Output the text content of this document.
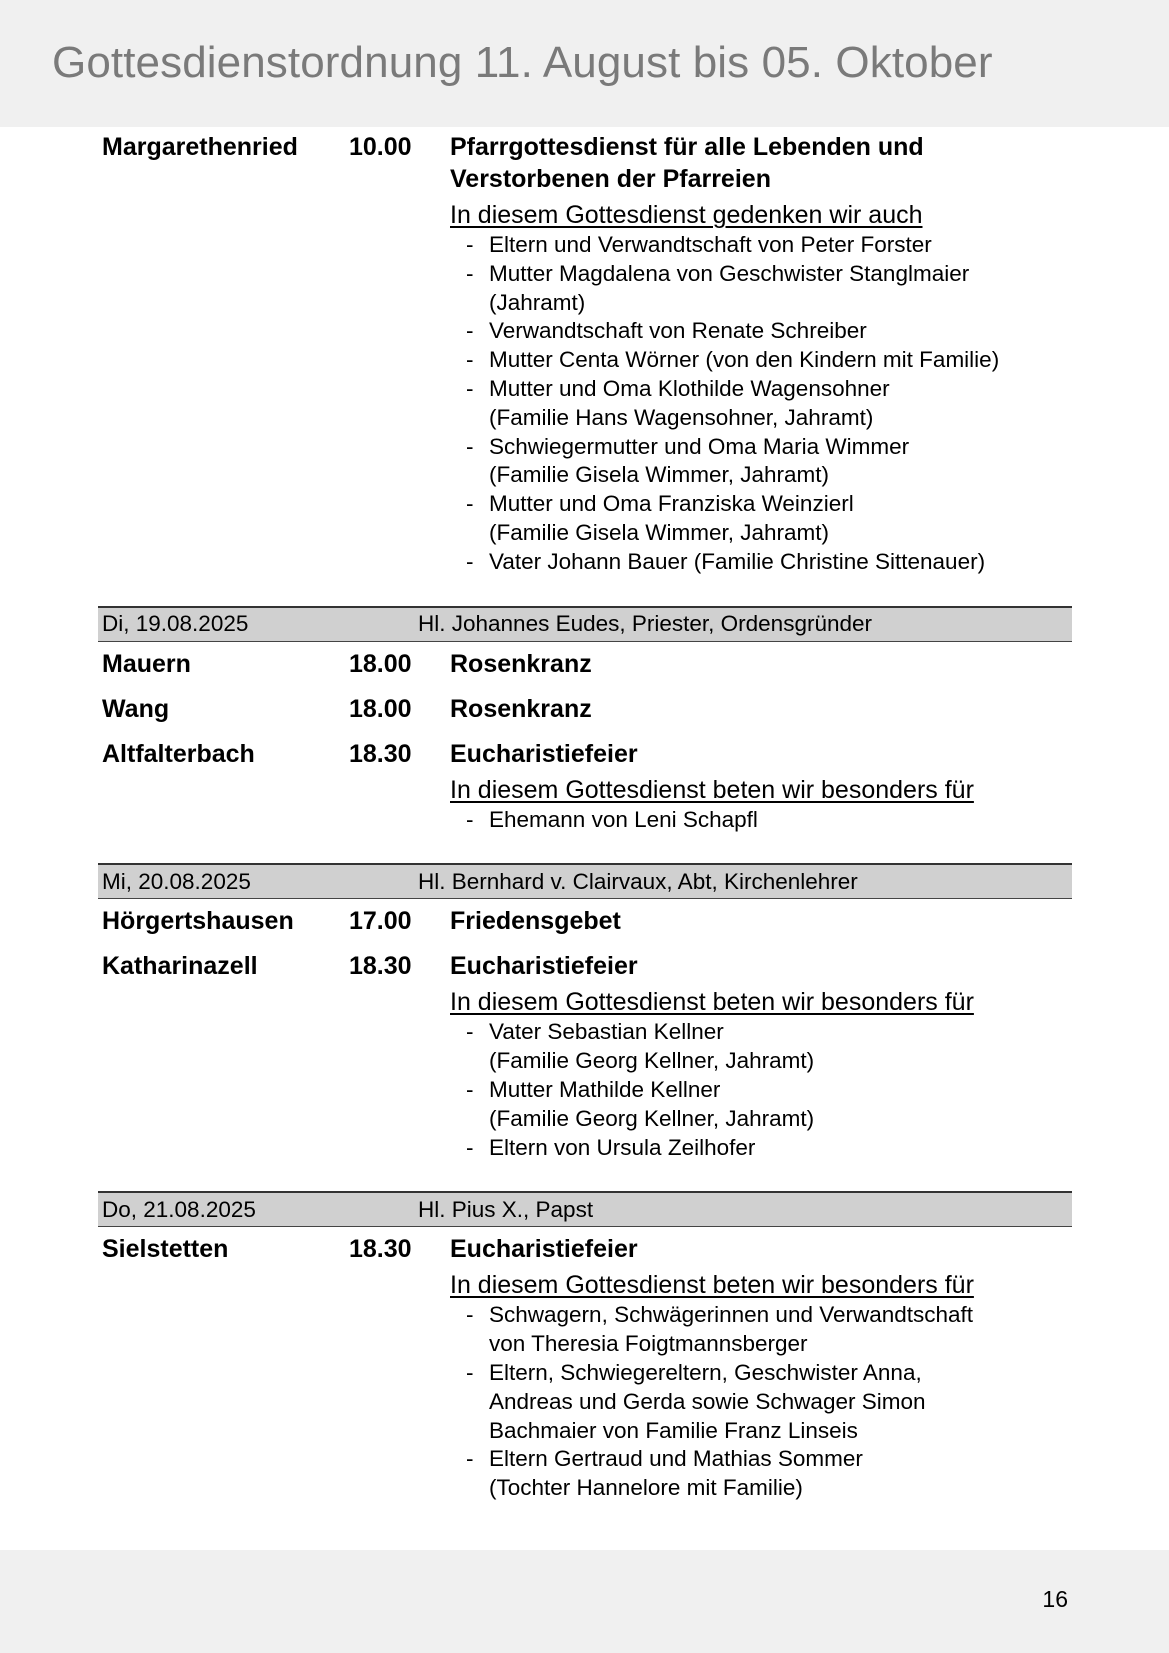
Gottesdienstordnung 11. August bis 05. Oktober
Margarethenried	10.00	Pfarrgottesdienst für alle Lebenden und
Verstorbenen der Pfarreien
In diesem Gottesdienst gedenken wir auch
- Eltern und Verwandtschaft von Peter Forster
- Mutter Magdalena von Geschwister Stanglmaier
(Jahramt)
- Verwandtschaft von Renate Schreiber
- Mutter Centa Wörner (von den Kindern mit Familie)
- Mutter und Oma Klothilde Wagensohner
(Familie Hans Wagensohner, Jahramt)
- Schwiegermutter und Oma Maria Wimmer
(Familie Gisela Wimmer, Jahramt)
- Mutter und Oma Franziska Weinzierl
(Familie Gisela Wimmer, Jahramt)
- Vater Johann Bauer (Familie Christine Sittenauer)
Di, 19.08.2025	Hl. Johannes Eudes, Priester, Ordensgründer
Mauern	18.00	Rosenkranz
Wang	18.00	Rosenkranz
Altfalterbach	18.30	Eucharistiefeier
In diesem Gottesdienst beten wir besonders für
- Ehemann von Leni Schapfl
Mi, 20.08.2025	Hl. Bernhard v. Clairvaux, Abt, Kirchenlehrer
Hörgertshausen	17.00	Friedensgebet
Katharinazell	18.30	Eucharistiefeier
In diesem Gottesdienst beten wir besonders für
- Vater Sebastian Kellner
(Familie Georg Kellner, Jahramt)
- Mutter Mathilde Kellner
(Familie Georg Kellner, Jahramt)
- Eltern von Ursula Zeilhofer
Do, 21.08.2025	Hl. Pius X., Papst
Sielstetten	18.30	Eucharistiefeier
In diesem Gottesdienst beten wir besonders für
- Schwagern, Schwägerinnen und Verwandtschaft
von Theresia Foigtmannsberger
- Eltern, Schwiegereltern, Geschwister Anna,
Andreas und Gerda sowie Schwager Simon
Bachmaier von Familie Franz Linseis
- Eltern Gertraud und Mathias Sommer
(Tochter Hannelore mit Familie)
16
